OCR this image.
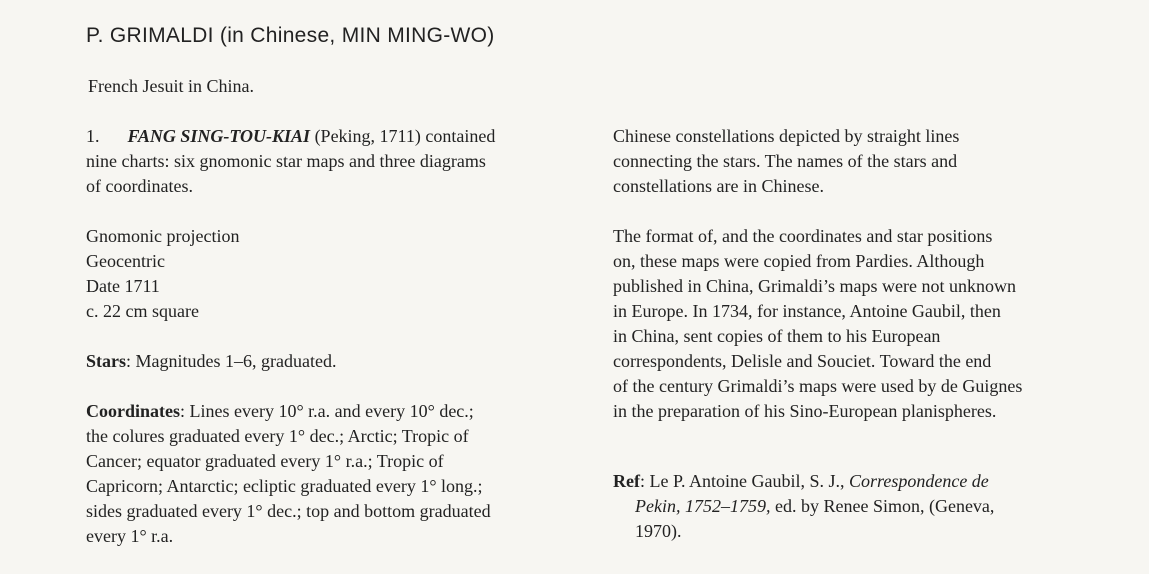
P. GRIMALDI (in Chinese, MIN MING-WO)

French Jesuit in China.

1. FANG SING-TOU-KIAI (Peking, 1711) contained
nine charts: six gnomonic star maps and three diagrams
of coordinates.

Gnomonic projection
Geocentric
Date 1711
c. 22 cm square

Stars: Magnitudes 1–6, graduated.

Coordinates: Lines every 10° r.a. and every 10° dec.;
the colures graduated every 1° dec.; Arctic; Tropic of
Cancer; equator graduated every 1° r.a.; Tropic of
Capricorn; Antarctic; ecliptic graduated every 1° long.;
sides graduated every 1° dec.; top and bottom graduated
every 1° r.a.

Chinese constellations depicted by straight lines
connecting the stars. The names of the stars and
constellations are in Chinese.

The format of, and the coordinates and star positions
on, these maps were copied from Pardies. Although
published in China, Grimaldi’s maps were not unknown
in Europe. In 1734, for instance, Antoine Gaubil, then
in China, sent copies of them to his European
correspondents, Delisle and Souciet. Toward the end
of the century Grimaldi’s maps were used by de Guignes
in the preparation of his Sino-European planispheres.

Ref: Le P. Antoine Gaubil, S. J., Correspondence de
Pekin, 1752–1759, ed. by Renee Simon, (Geneva,
1970).
